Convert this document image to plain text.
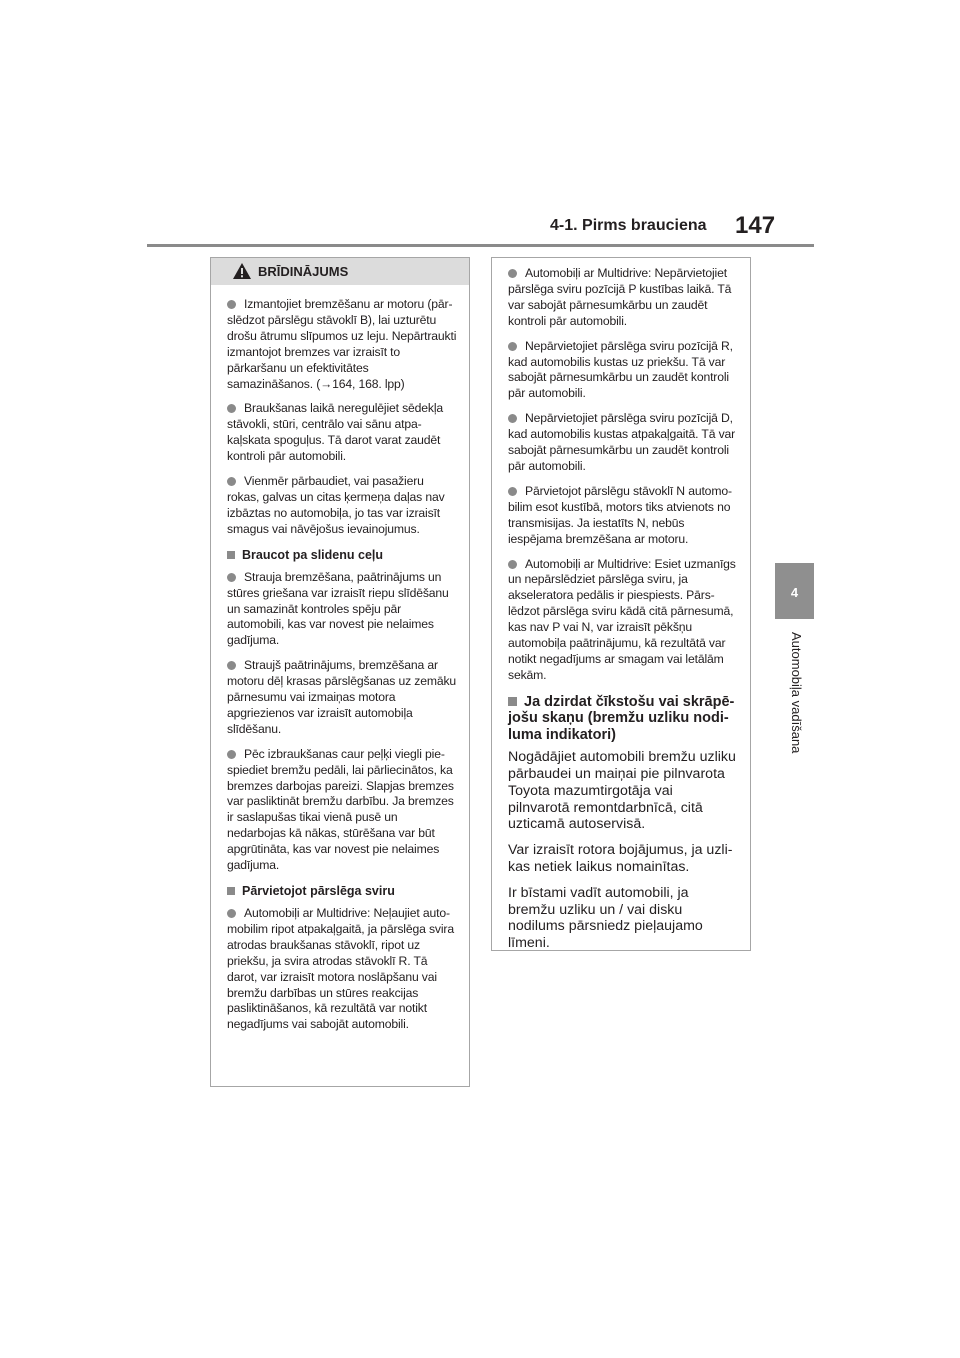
4-1. Pirms brauciena 147
4
Automobiļa vadīšana
BRĪDINĀJUMS

Izmantojiet bremzēšanu ar motoru (pārslēdzot pārslēgu stāvoklī B), lai uzturētu drošu ātrumu slīpumos uz leju. Nepārtraukti izmantojot bremzes var izraisīt to pārkaršanu un efektivitātes samazināšanos. (→164, 168. lpp)

Braukšanas laikā neregulējiet sēdekļa stāvokli, stūri, centrālo vai sānu atpakaļskata spoguļus. Tā darot varat zaudēt kontroli pār automobili.

Vienmēr pārbaudiet, vai pasažieru rokas, galvas un citas ķermeņa daļas nav izbāztas no automobiļa, jo tas var izraisīt smagus vai nāvējošus ievainojumus.

Braucot pa slidenu ceļu

Strauja bremzēšana, paātrinājums un stūres griešana var izraisīt riepu slīdēšanu un samazināt kontroles spēju pār automobili, kas var novest pie nelaimes gadījuma.

Straujš paātrinājums, bremzēšana ar motoru dēļ krasas pārslēgšanas uz zemāku pārnesumu vai izmaiņas motora apgriezienos var izraisīt automobiļa slīdēšanu.

Pēc izbraukšanas caur peļķi viegli piespiediet bremžu pedāli, lai pārliecinātos, ka bremzes darbojas pareizi. Slapjas bremzes var pasliktināt bremžu darbību. Ja bremzes ir saslapušas tikai vienā pusē un nedarbojas kā nākas, stūrēšana var būt apgrūtināta, kas var novest pie nelaimes gadījuma.

Pārvietojot pārslēga sviru

Automobiļi ar Multidrive: Neļaujiet automobilim ripot atpakaļgaitā, ja pārslēga svira atrodas braukšanas stāvoklī, ripot uz priekšu, ja svira atrodas stāvoklī R. Tā darot, var izraisīt motora noslāpšanu vai bremžu darbības un stūres reakcijas pasliktināšanos, kā rezultātā var notikt negadījums vai sabojāt automobili.

Automobiļi ar Multidrive: Nepārvietojiet pārslēga sviru pozīcijā P kustības laikā. Tā var sabojāt pārnesumkārbu un zaudēt kontroli pār automobili.

Nepārvietojiet pārslēga sviru pozīcijā R, kad automobilis kustas uz priekšu. Tā var sabojāt pārnesumkārbu un zaudēt kontroli pār automobili.

Nepārvietojiet pārslēga sviru pozīcijā D, kad automobilis kustas atpakaļgaitā. Tā var sabojāt pārnesumkārbu un zaudēt kontroli pār automobili.

Pārvietojot pārslēgu stāvoklī N automobilim esot kustībā, motors tiks atvienots no transmisijas. Ja iestatīts N, nebūs iespējama bremzēšana ar motoru.

Automobiļi ar Multidrive: Esiet uzmanīgs un nepārslēdziet pārslēga sviru, ja akseleratora pedālis ir piespiests. Pārslēdzot pārslēga sviru kādā citā pārnesumā, kas nav P vai N, var izraisīt pēkšņu automobiļa paātrinājumu, kā rezultātā var notikt negadījums ar smagam vai letālām sekām.

Ja dzirdat čīkstošu vai skrāpējošu skaņu (bremžu uzliku nodiluma indikatori)

Nogādājiet automobili bremžu uzliku pārbaudei un maiņai pie pilnvarota Toyota mazumtirgotāja vai pilnvarotā remontdarbnīcā, citā uzticamā autoservisā.

Var izraisīt rotora bojājumus, ja uzlikas netiek laikus nomainītas.

Ir bīstami vadīt automobili, ja bremžu uzliku un / vai disku nodilums pārsniedz pieļaujamo līmeni.
